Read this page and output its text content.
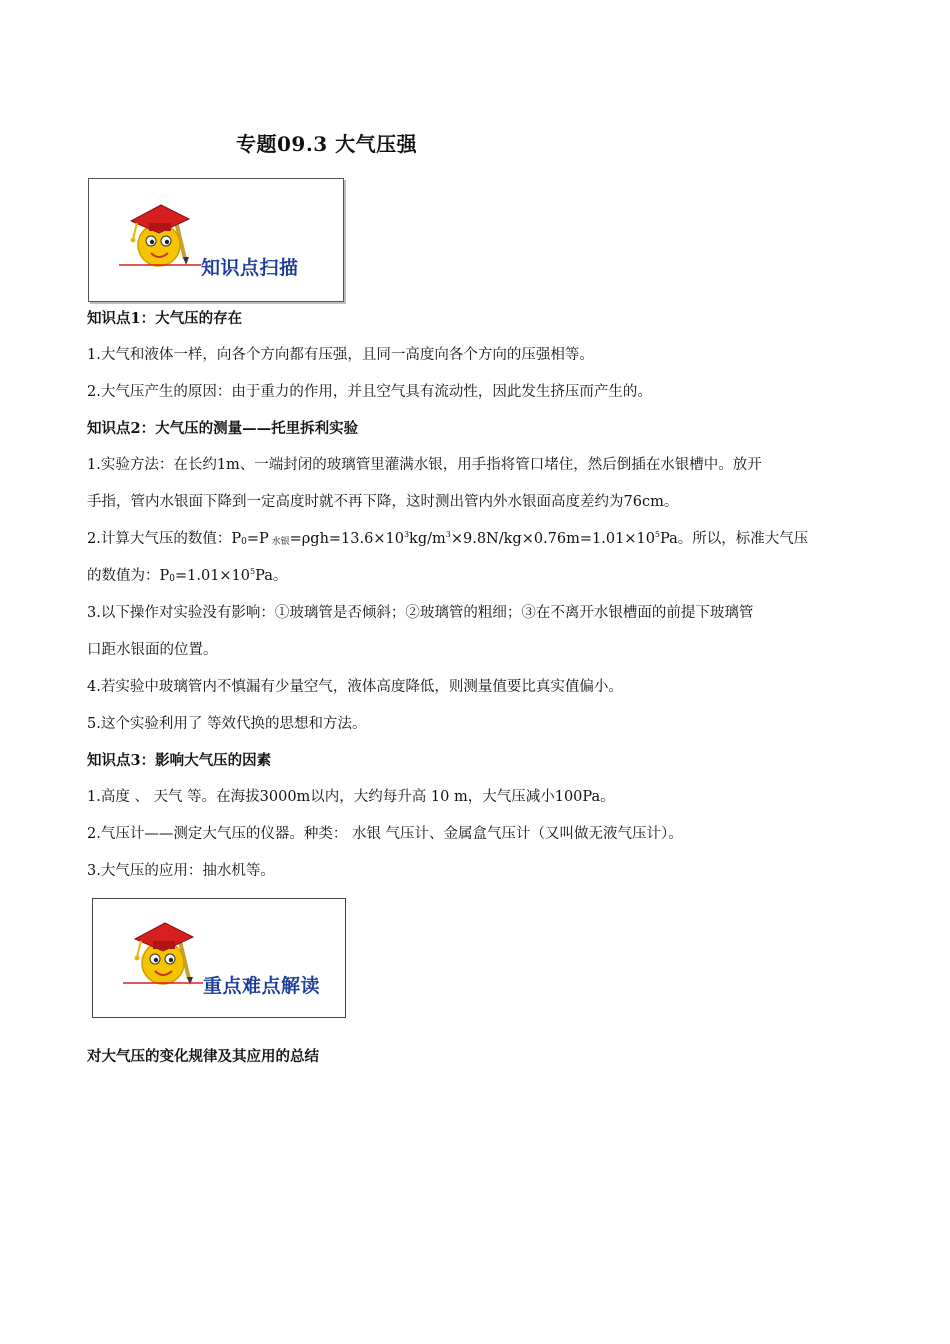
专题09.3 大气压强
知识点扫描
知识点1：大气压的存在
1.大气和液体一样，向各个方向都有压强，且同一高度向各个方向的压强相等。
2.大气压产生的原因：由于重力的作用，并且空气具有流动性，因此发生挤压而产生的。
知识点2：大气压的测量——托里拆利实验
1.实验方法：在长约1m、一端封闭的玻璃管里灌满水银，用手指将管口堵住，然后倒插在水银槽中。放开
手指，管内水银面下降到一定高度时就不再下降，这时测出管内外水银面高度差约为76cm。
2.计算大气压的数值：$P_0=P$ $_{水银}=\rho gh=13.6\times 10^3kg/m^3\times 9.8N/kg\times 0.76m=1.01\times 10^5Pa$。所以，标准大气压
的数值为：$P_0=1.01\times 10^5Pa$。
3.以下操作对实验没有影响：①玻璃管是否倾斜；②玻璃管的粗细；③在不离开水银槽面的前提下玻璃管
口距水银面的位置。
4.若实验中玻璃管内不慎漏有少量空气，液体高度降低，则测量值要比真实值偏小。
5.这个实验利用了 等效代换的思想和方法。
知识点3：影响大气压的因素
1.高度 、 天气 等。在海拔3000m以内，大约每升高 10 m，大气压减小100Pa。
2.气压计——测定大气压的仪器。种类： 水银 气压计、金属盒气压计（又叫做无液气压计）。
3.大气压的应用：抽水机等。
重点难点解读
对大气压的变化规律及其应用的总结
